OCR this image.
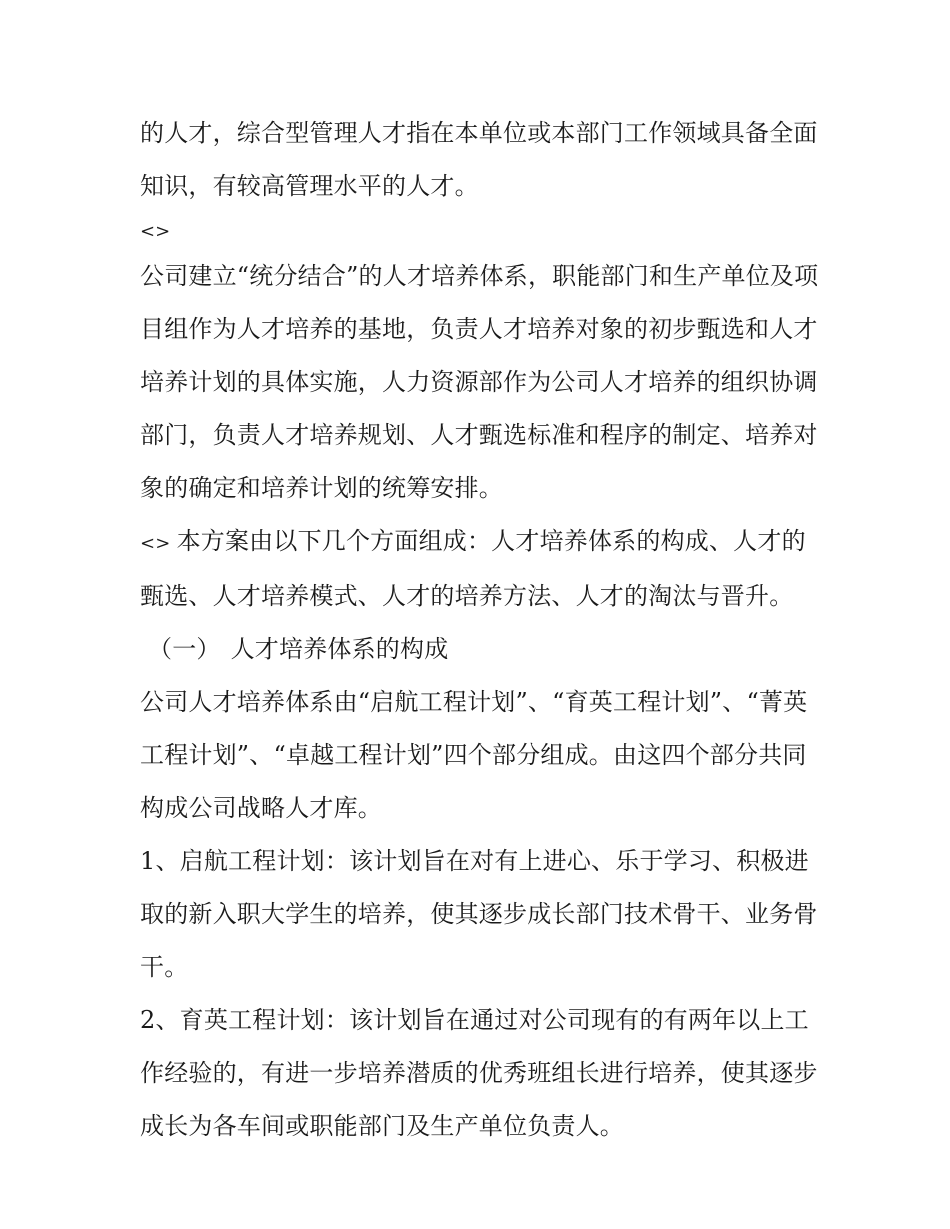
的人才，综合型管理人才指在本单位或本部门工作领域具备全面知识，有较高管理水平的人才。

<>

公司建立“统分结合”的人才培养体系，职能部门和生产单位及项目组作为人才培养的基地，负责人才培养对象的初步甄选和人才培养计划的具体实施，人力资源部作为公司人才培养的组织协调部门，负责人才培养规划、人才甄选标准和程序的制定、培养对象的确定和培养计划的统筹安排。

<> 本方案由以下几个方面组成：人才培养体系的构成、人才的甄选、人才培养模式、人才的培养方法、人才的淘汰与晋升。（一） 人才培养体系的构成

公司人才培养体系由“启航工程计划”、“育英工程计划”、“菁英工程计划”、“卓越工程计划”四个部分组成。由这四个部分共同构成公司战略人才库。

1、启航工程计划：该计划旨在对有上进心、乐于学习、积极进取的新入职大学生的培养，使其逐步成长部门技术骨干、业务骨干。

2、育英工程计划：该计划旨在通过对公司现有的有两年以上工作经验的，有进一步培养潜质的优秀班组长进行培养，使其逐步成长为各车间或职能部门及生产单位负责人。
